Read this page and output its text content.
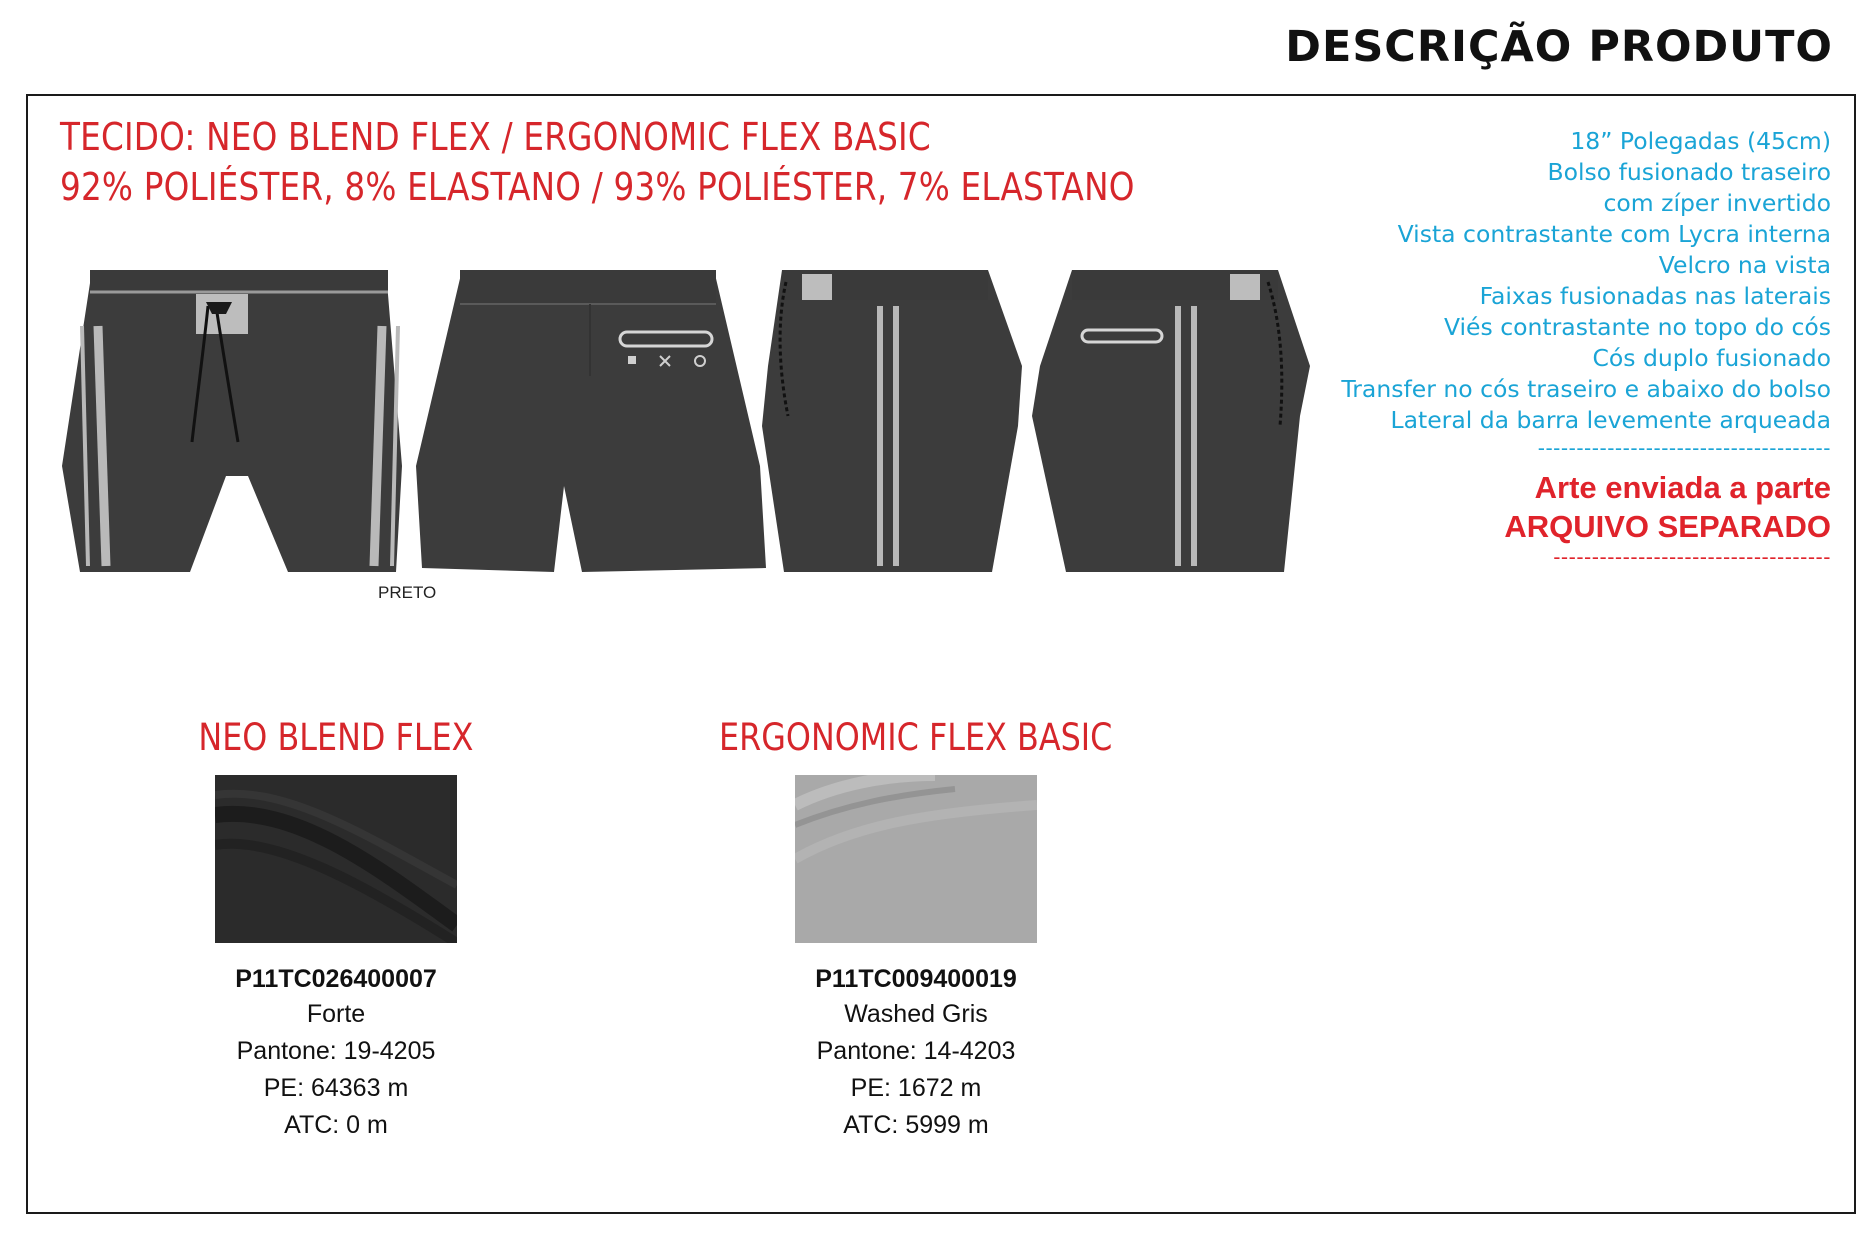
DESCRIÇÃO PRODUTO
TECIDO: NEO BLEND FLEX / ERGONOMIC FLEX BASIC
92% POLIÉSTER, 8% ELASTANO / 93% POLIÉSTER, 7% ELASTANO
18” Polegadas (45cm)
Bolso fusionado traseiro
com zíper invertido
Vista contrastante com Lycra interna
Velcro na vista
Faixas fusionadas nas laterais
Viés contrastante no topo do cós
Cós duplo fusionado
Transfer no cós traseiro e abaixo do bolso
Lateral da barra levemente arqueada
--------------------------------------
Arte enviada a parte
ARQUIVO SEPARADO
------------------------------------
PRETO
NEO BLEND FLEX
P11TC026400007
Forte
Pantone: 19-4205
PE: 64363 m
ATC: 0 m
ERGONOMIC FLEX BASIC
P11TC009400019
Washed Gris
Pantone: 14-4203
PE: 1672 m
ATC: 5999 m
